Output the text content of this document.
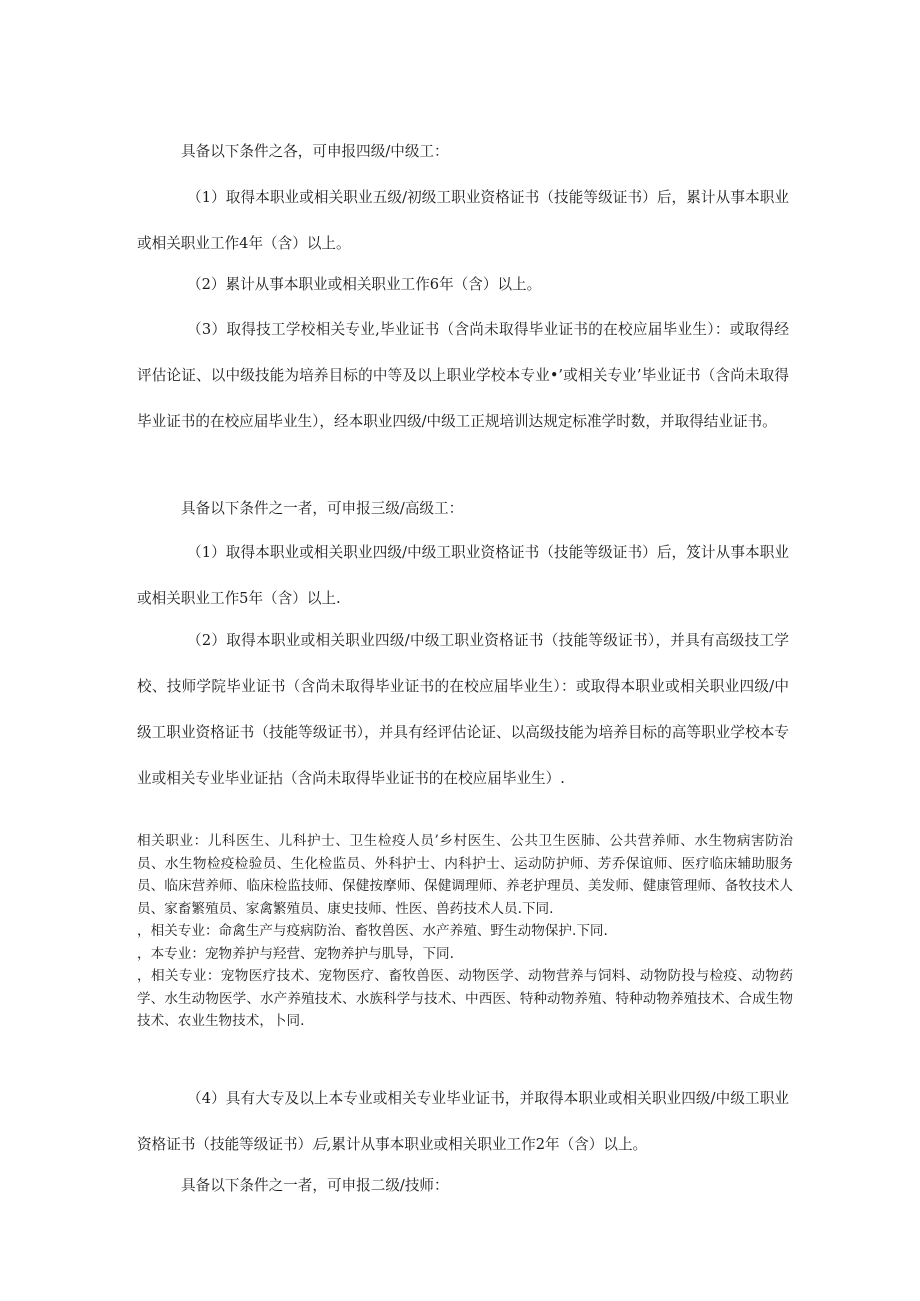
具备以下条件之各，可申报四级/中级工：
（1）取得本职业或相关职业五级/初级工职业资格证书（技能等级证书）后，累计从事本职业或相关职业工作4年（含）以上。
（2）累计从事本职业或相关职业工作6年（含）以上。
（3）取得技工学校相关专业,毕业证书（含尚未取得毕业证书的在校应届毕业生）：或取得经评估论证、以中级技能为培养目标的中等及以上职业学校本专业•’或相关专业’毕业证书（含尚未取得毕业证书的在校应届毕业生），经本职业四级/中级工正规培训达规定标准学时数，并取得结业证书。
具备以下条件之一者，可申报三级/高级工：
（1）取得本职业或相关职业四级/中级工职业资格证书（技能等级证书）后，笈计从事本职业或相关职业工作5年（含）以上.
（2）取得本职业或相关职业四级/中级工职业资格证书（技能等级证书），并具有高级技工学校、技师学院毕业证书（含尚未取得毕业证书的在校应届毕业生）：或取得本职业或相关职业四级/中级工职业资格证书（技能等级证书），并具有经评估论证、以高级技能为培养目标的高等职业学校本专业或相关专业毕业证拈（含尚未取得毕业证书的在校应届毕业生）.

相关职业：儿科医生、儿科护士、卫生检疫人员’乡村医生、公共卫生医肺、公共营养师、水生物病害防治员、水生物检疫检验员、生化检监员、外科护士、内科护士、运动防护师、芳乔保谊师、医疗临床辅助服务员、临床营养师、临床检监技师、保健按摩师、保健调理师、养老护理员、美发师、健康管理师、备牧技术人员、家畜繁殖员、家禽繁殖员、康史技师、性医、兽药技术人员.下同.

，相关专业：命禽生产与疫病防治、畜牧兽医、水产养殖、野生动物保护.下同.

，本专业：宠物养护与羟营、宠物养护与肌导，下同.

，相关专业：宠物医疗技术、宠物医疗、畜牧兽医、动物医学、动物营养与饲料、动物防投与检疫、动物药学、水生动物医学、水产养殖技术、水族科学与技术、中西医、特种动物养殖、特种动物养殖技术、合成生物技术、农业生物技术，卜同.

（4）具有大专及以上本专业或相关专业毕业证书，并取得本职业或相关职业四级/中级工职业资格证书（技能等级证书）后,累计从事本职业或相关职业工作2年（含）以上。
具备以下条件之一者，可申报二级/技师：
